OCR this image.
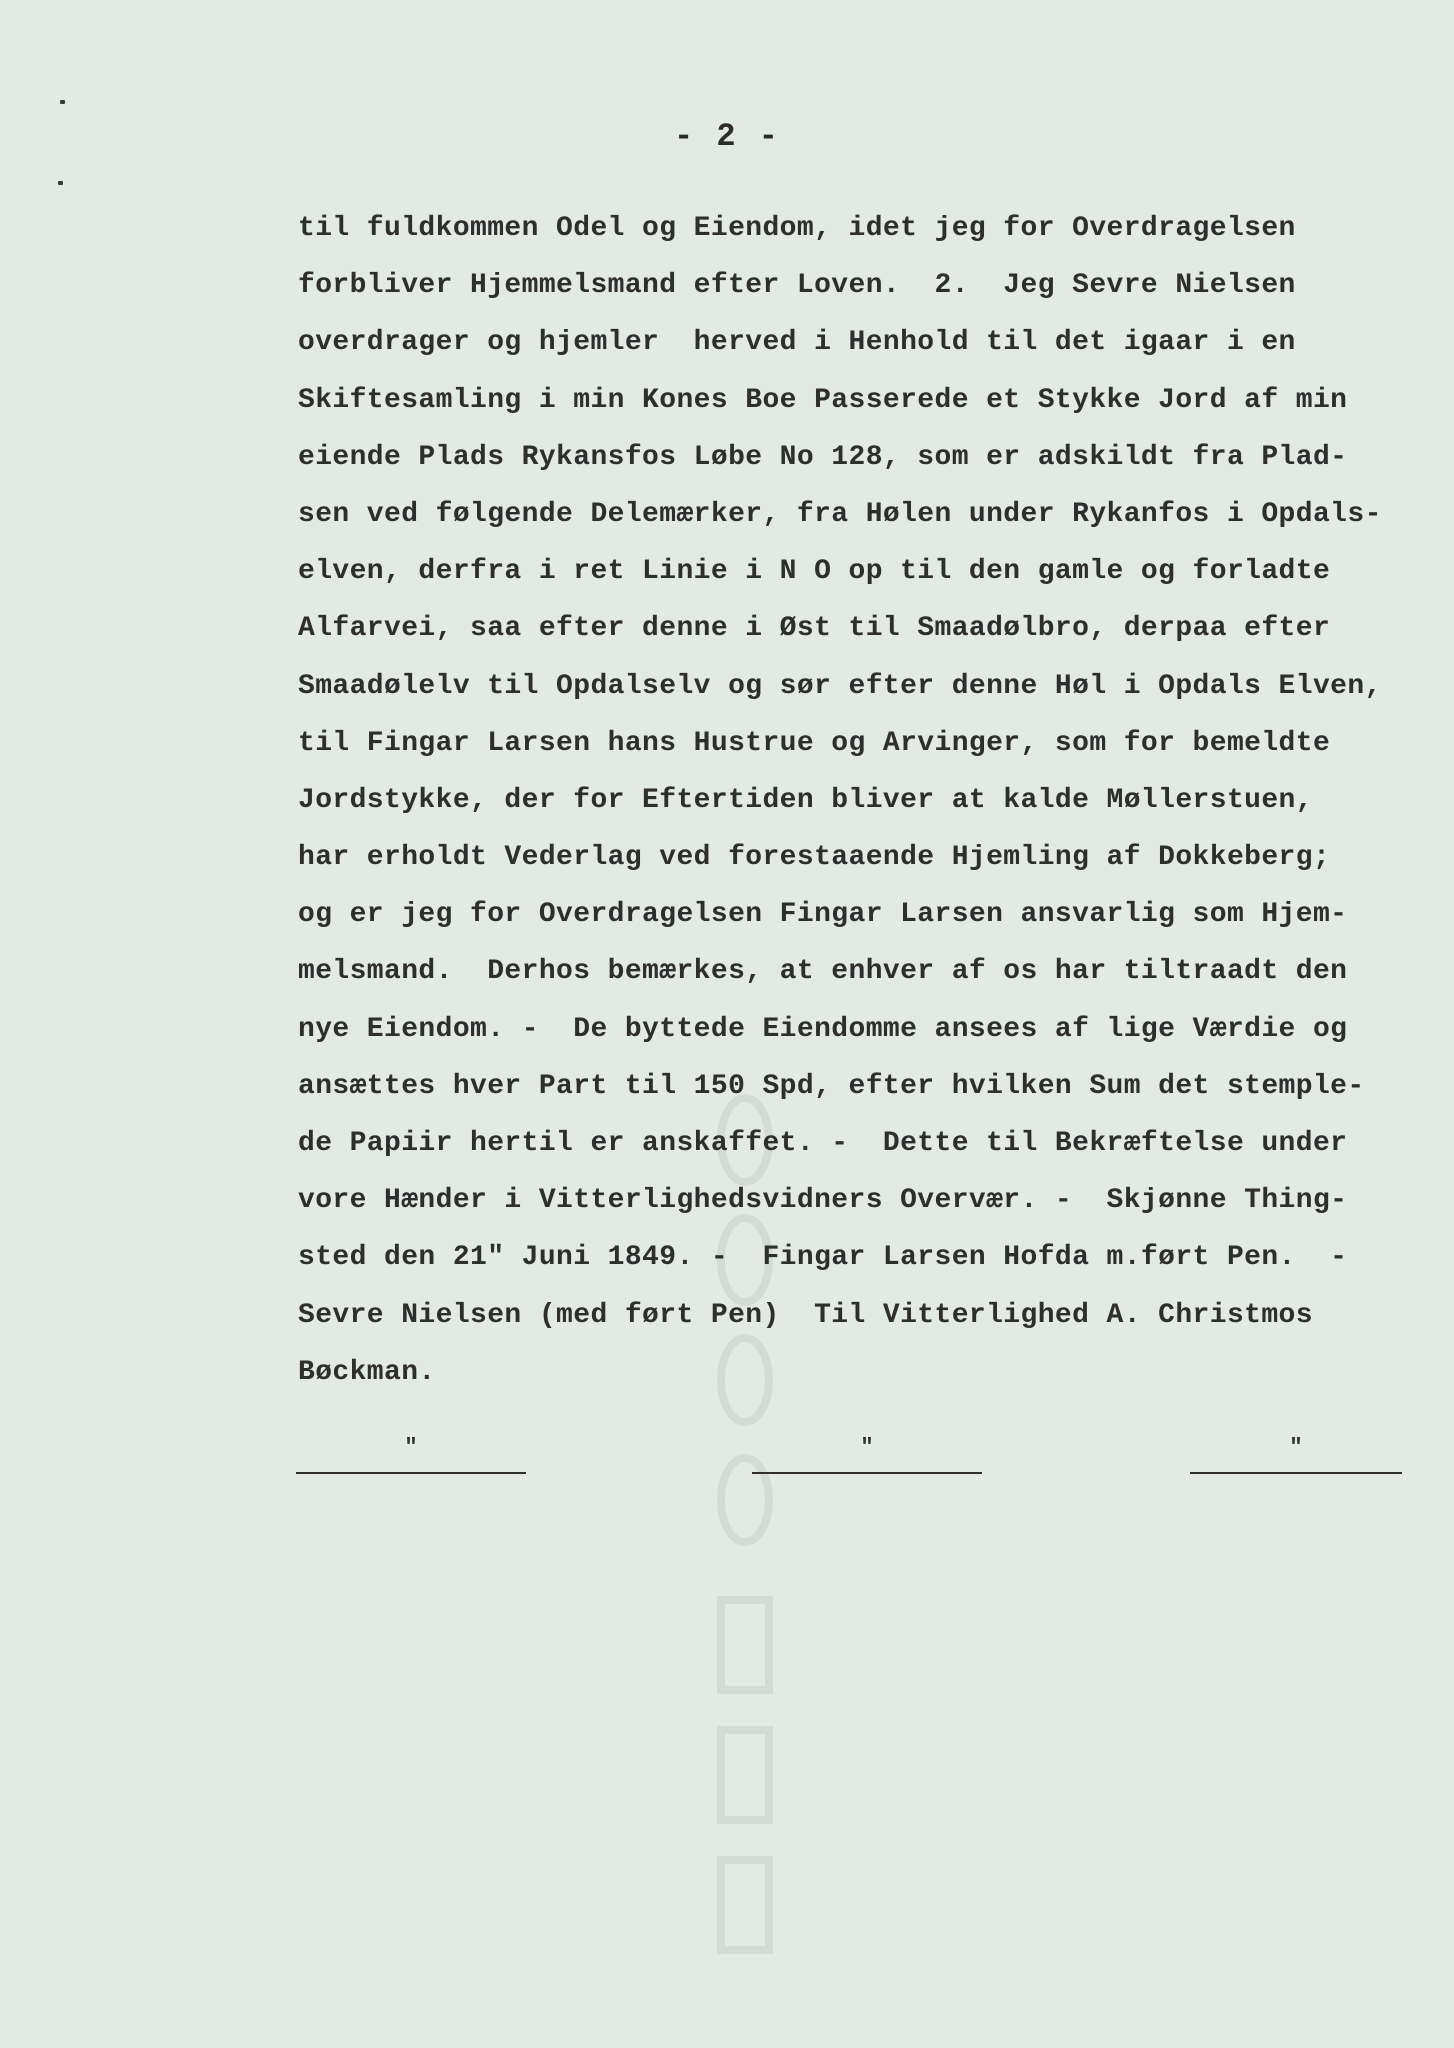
- 2 -
til fuldkommen Odel og Eiendom, idet jeg for Overdragelsen
forbliver Hjemmelsmand efter Loven.  2.  Jeg Sevre Nielsen
overdrager og hjemler  herved i Henhold til det igaar i en
Skiftesamling i min Kones Boe Passerede et Stykke Jord af min
eiende Plads Rykansfos Løbe No 128, som er adskildt fra Plad-
sen ved følgende Delemærker, fra Hølen under Rykanfos i Opdals-
elven, derfra i ret Linie i N O op til den gamle og forladte
Alfarvei, saa efter denne i Øst til Smaadølbro, derpaa efter
Smaadølelv til Opdalselv og sør efter denne Høl i Opdals Elven,
til Fingar Larsen hans Hustrue og Arvinger, som for bemeldte
Jordstykke, der for Eftertiden bliver at kalde Møllerstuen,
har erholdt Vederlag ved forestaaende Hjemling af Dokkeberg;
og er jeg for Overdragelsen Fingar Larsen ansvarlig som Hjem-
melsmand.  Derhos bemærkes, at enhver af os har tiltraadt den
nye Eiendom. -  De byttede Eiendomme ansees af lige Værdie og
ansættes hver Part til 150 Spd, efter hvilken Sum det stemple-
de Papiir hertil er anskaffet. -  Dette til Bekræftelse under
vore Hænder i Vitterlighedsvidners Overvær. -  Skjønne Thing-
sted den 21" Juni 1849. -  Fingar Larsen Hofda m.ført Pen.  -
Sevre Nielsen (med ført Pen)  Til Vitterlighed A. Christmos
Bøckman.
"	"	"
